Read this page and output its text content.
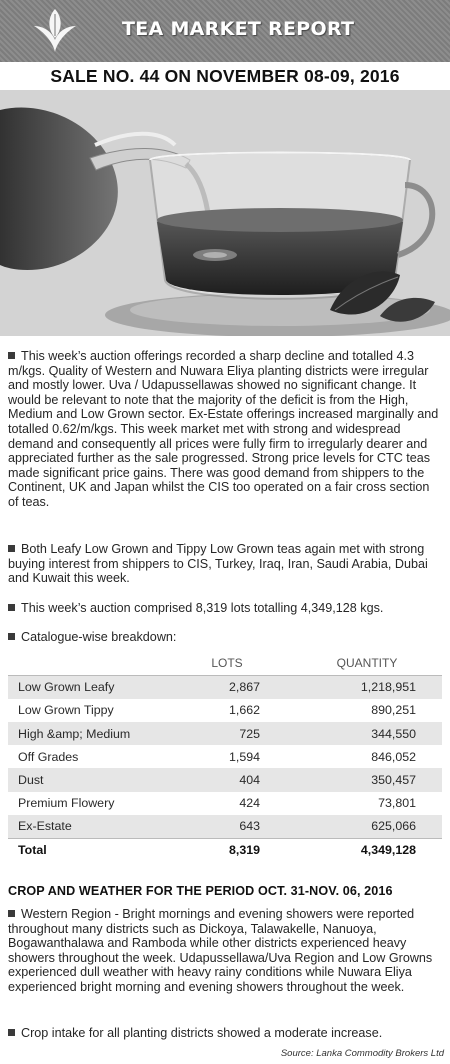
TEA MARKET REPORT
SALE NO. 44 ON NOVEMBER 08-09, 2016
This week’s auction offerings recorded a sharp decline and totalled 4.3 m/kgs. Quality of Western and Nuwara Eliya planting districts were irregular and mostly lower. Uva / Udapussellawas showed no significant change. It would be relevant to note that the majority of the deficit is from the High, Medium and Low Grown sector. Ex-Estate offerings increased marginally and totalled 0.62/m/kgs. This week market met with strong and widespread demand and consequently all prices were fully firm to irregularly dearer and appreciated further as the sale progressed. Strong price levels for CTC teas made significant price gains. There was good demand from shippers to the Continent, UK and Japan whilst the CIS too operated on a fair cross section
of teas.
Both Leafy Low Grown and Tippy Low Grown teas again met with strong buying interest from shippers to CIS, Turkey, Iraq, Iran, Saudi Arabia, Dubai and Kuwait this week.
This week’s auction comprised 8,319 lots totalling 4,349,128 kgs.
Catalogue-wise breakdown:
	LOTS	QUANTITY
Low Grown Leafy	2,867	1,218,951
Low Grown Tippy	1,662	890,251
High &amp; Medium	725	344,550
Off Grades	1,594	846,052
Dust	404	350,457
Premium Flowery	424	73,801
Ex-Estate	643	625,066
Total	8,319	4,349,128
CROP AND WEATHER FOR THE PERIOD OCT. 31-NOV. 06, 2016
Western Region - Bright mornings and evening showers were reported throughout many districts such as Dickoya, Talawakelle, Nanuoya, Bogawanthalawa and Ramboda while other districts experienced heavy showers throughout the week. Udapussellawa/Uva Region and Low Growns experienced dull weather with heavy rainy conditions while Nuwara Eliya experienced bright morning and evening showers throughout the week.
Crop intake for all planting districts showed a moderate increase.
Source: Lanka Commodity Brokers Ltd
